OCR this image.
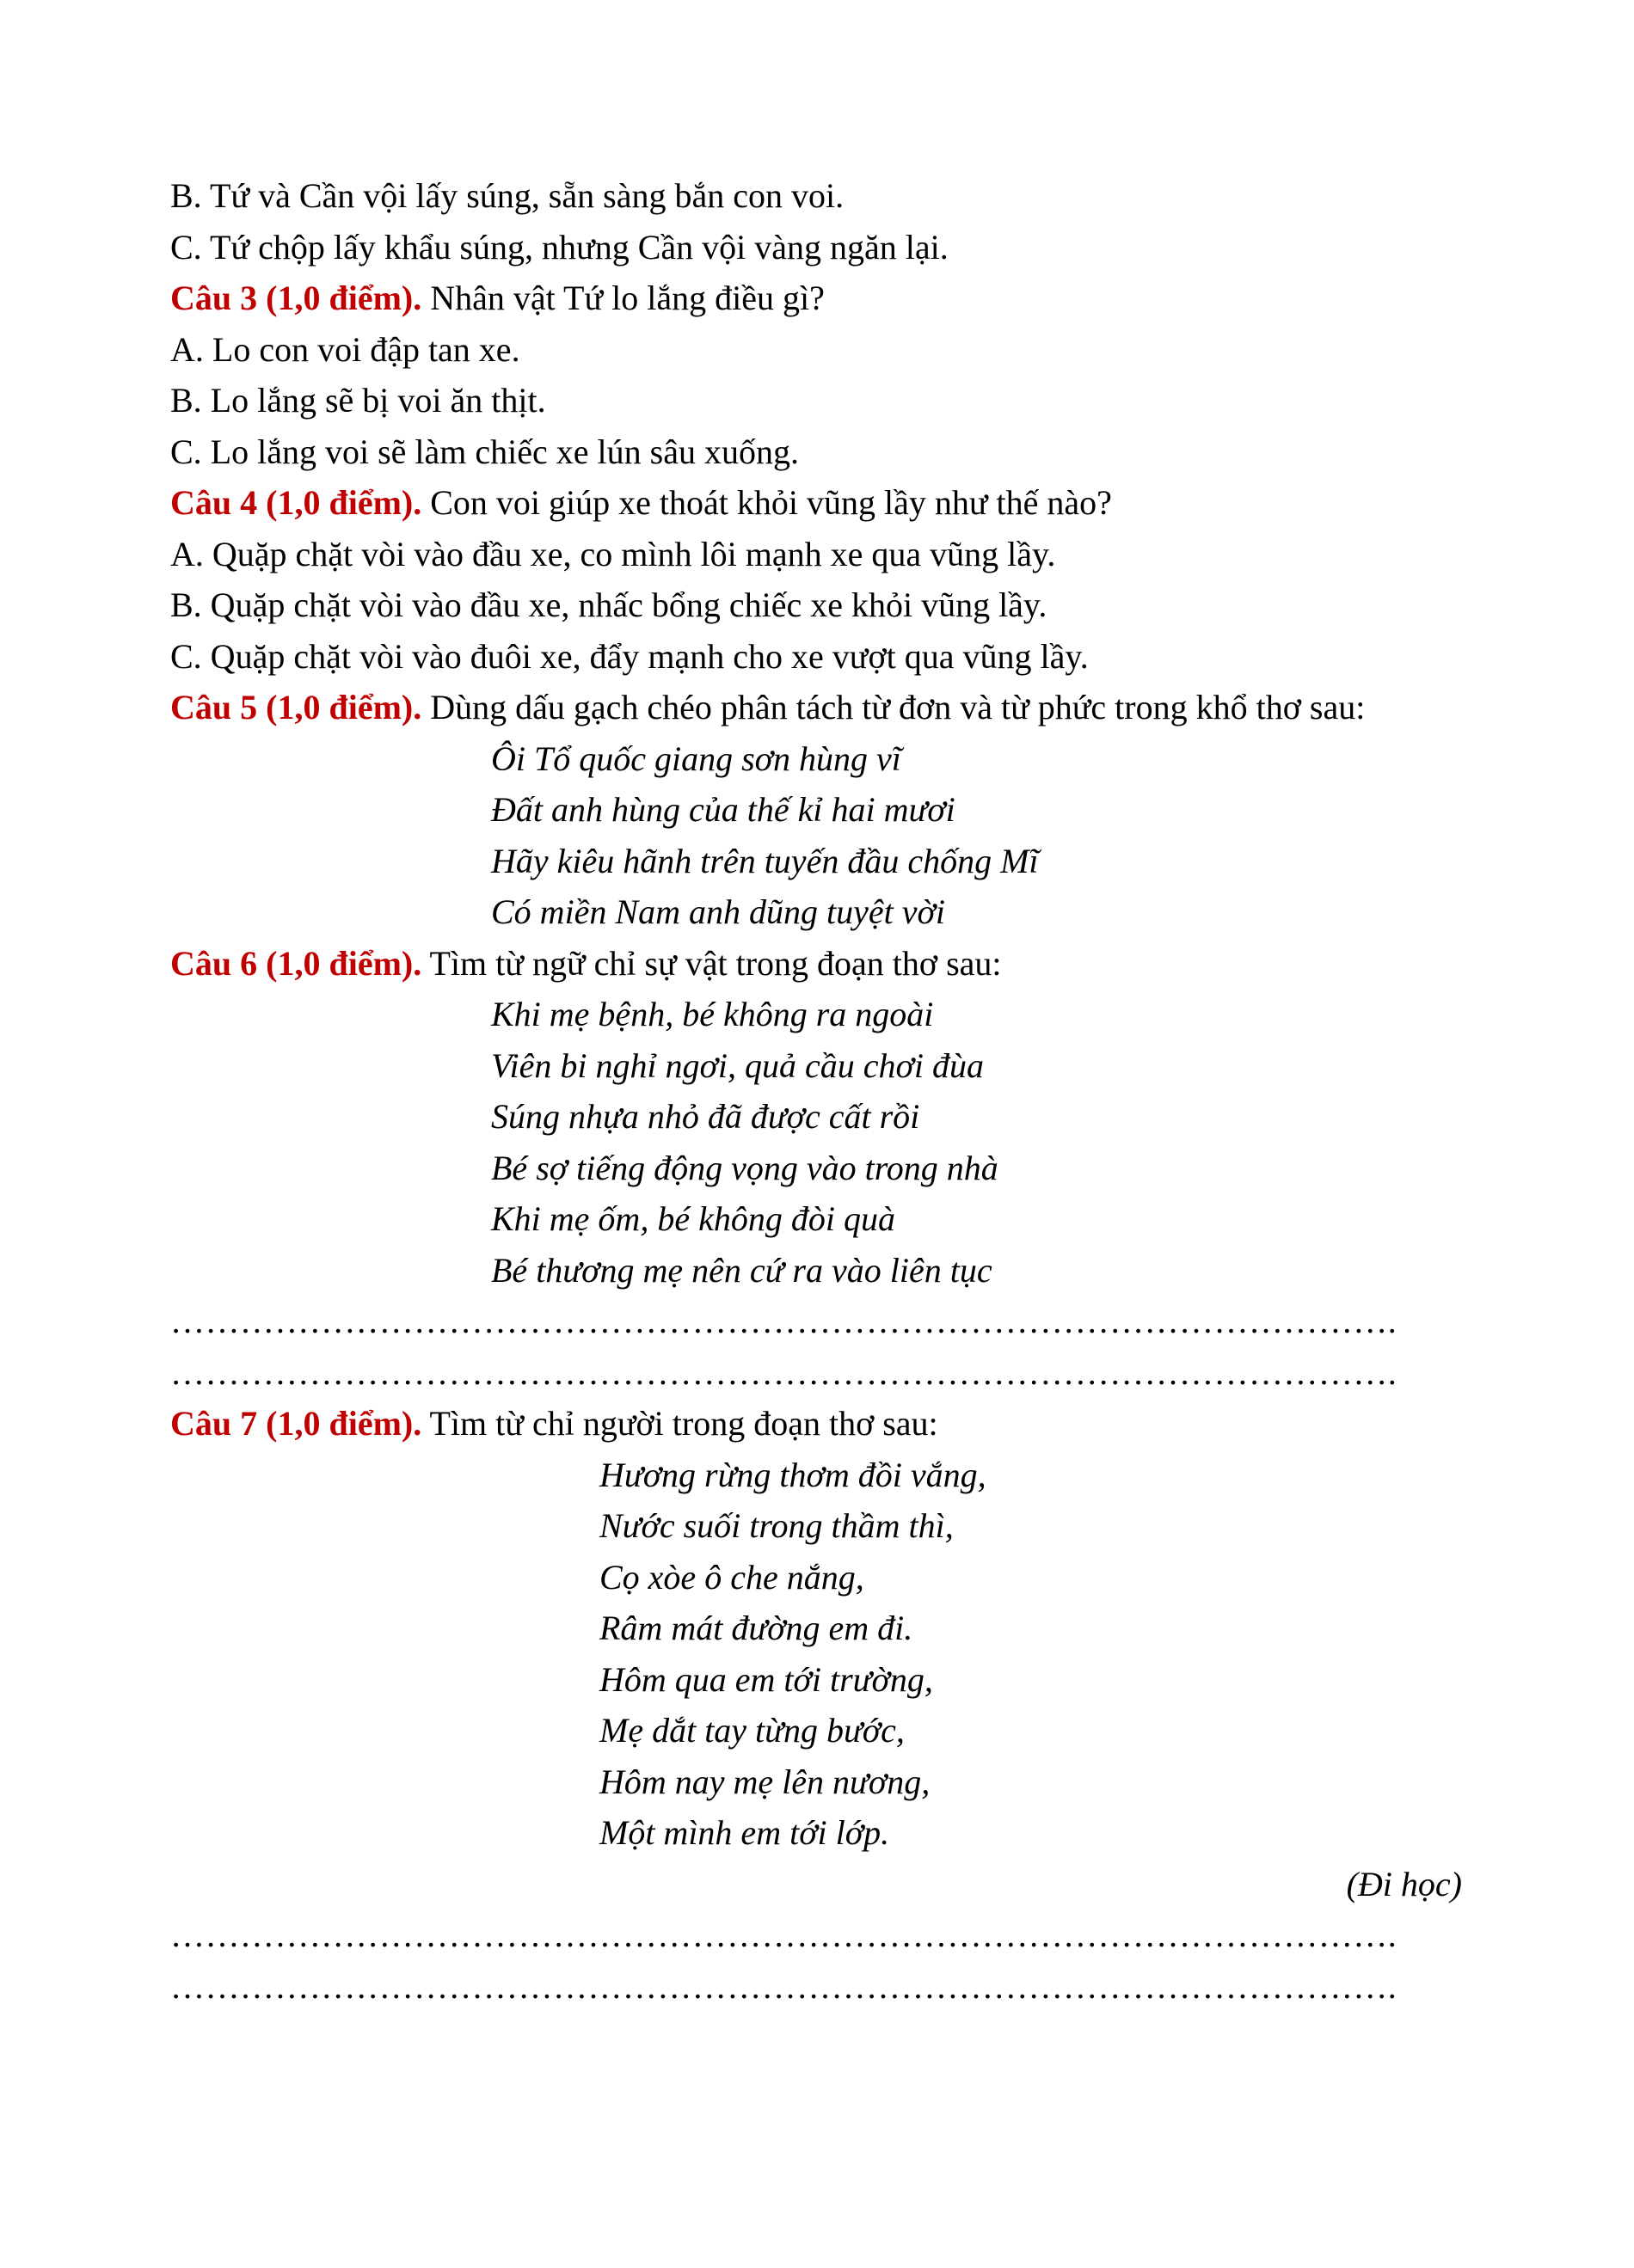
B. Tứ và Cần vội lấy súng, sẵn sàng bắn con voi.
C. Tứ chộp lấy khẩu súng, nhưng Cần vội vàng ngăn lại.
Câu 3 (1,0 điểm). Nhân vật Tứ lo lắng điều gì?
A. Lo con voi đập tan xe.
B. Lo lắng sẽ bị voi ăn thịt.
C. Lo lắng voi sẽ làm chiếc xe lún sâu xuống.
Câu 4 (1,0 điểm). Con voi giúp xe thoát khỏi vũng lầy như thế nào?
A. Quặp chặt vòi vào đầu xe, co mình lôi mạnh xe qua vũng lầy.
B. Quặp chặt vòi vào đầu xe, nhấc bổng chiếc xe khỏi vũng lầy.
C. Quặp chặt vòi vào đuôi xe, đẩy mạnh cho xe vượt qua vũng lầy.
Câu 5 (1,0 điểm). Dùng dấu gạch chéo phân tách từ đơn và từ phức trong khổ thơ sau:
Ôi Tổ quốc giang sơn hùng vĩ
Đất anh hùng của thế kỉ hai mươi
Hãy kiêu hãnh trên tuyến đầu chống Mĩ
Có miền Nam anh dũng tuyệt vời
Câu 6 (1,0 điểm). Tìm từ ngữ chỉ sự vật trong đoạn thơ sau:
Khi mẹ bệnh, bé không ra ngoài
Viên bi nghỉ ngơi, quả cầu chơi đùa
Súng nhựa nhỏ đã được cất rồi
Bé sợ tiếng động vọng vào trong nhà
Khi mẹ ốm, bé không đòi quà
Bé thương mẹ nên cứ ra vào liên tục
…………………………………………………………………………………………….
…………………………………………………………………………………………….
Câu 7 (1,0 điểm). Tìm từ chỉ người trong đoạn thơ sau:
Hương rừng thơm đồi vắng,
Nước suối trong thầm thì,
Cọ xòe ô che nắng,
Râm mát đường em đi.
Hôm qua em tới trường,
Mẹ dắt tay từng bước,
Hôm nay mẹ lên nương,
Một mình em tới lớp.
(Đi học)
…………………………………………………………………………………………….
…………………………………………………………………………………………….
